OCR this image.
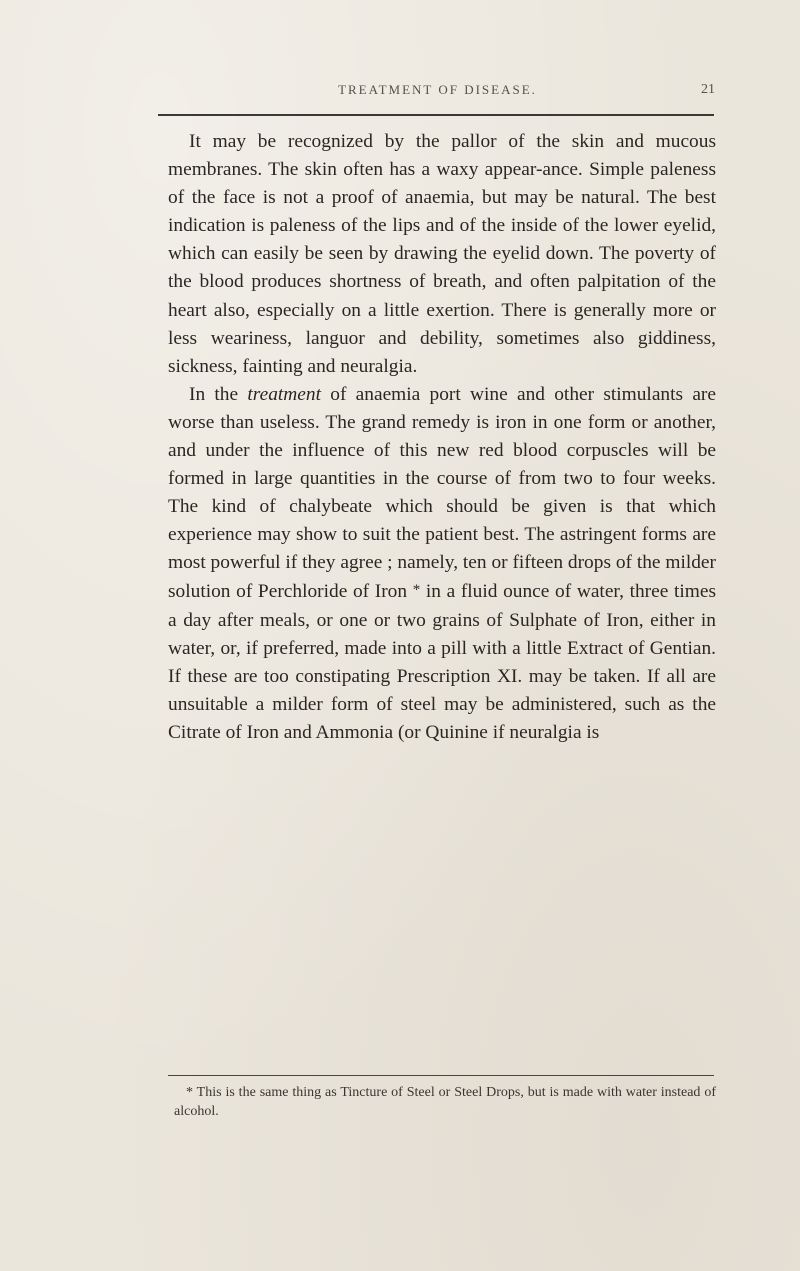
TREATMENT OF DISEASE.	21

It may be recognized by the pallor of the skin and mucous membranes. The skin often has a waxy appear-ance. Simple paleness of the face is not a proof of anaemia, but may be natural. The best indication is paleness of the lips and of the inside of the lower eyelid, which can easily be seen by drawing the eyelid down. The poverty of the blood produces shortness of breath, and often palpitation of the heart also, especially on a little exertion. There is generally more or less weariness, languor and debility, sometimes also giddiness, sickness, fainting and neuralgia.

In the treatment of anaemia port wine and other stimulants are worse than useless. The grand remedy is iron in one form or another, and under the influence of this new red blood corpuscles will be formed in large quantities in the course of from two to four weeks. The kind of chalybeate which should be given is that which experience may show to suit the patient best. The astringent forms are most powerful if they agree ; namely, ten or fifteen drops of the milder solution of Perchloride of Iron * in a fluid ounce of water, three times a day after meals, or one or two grains of Sulphate of Iron, either in water, or, if preferred, made into a pill with a little Extract of Gentian. If these are too constipating Prescription XI. may be taken. If all are unsuitable a milder form of steel may be administered, such as the Citrate of Iron and Ammonia (or Quinine if neuralgia is

* This is the same thing as Tincture of Steel or Steel Drops, but is made with water instead of alcohol.
